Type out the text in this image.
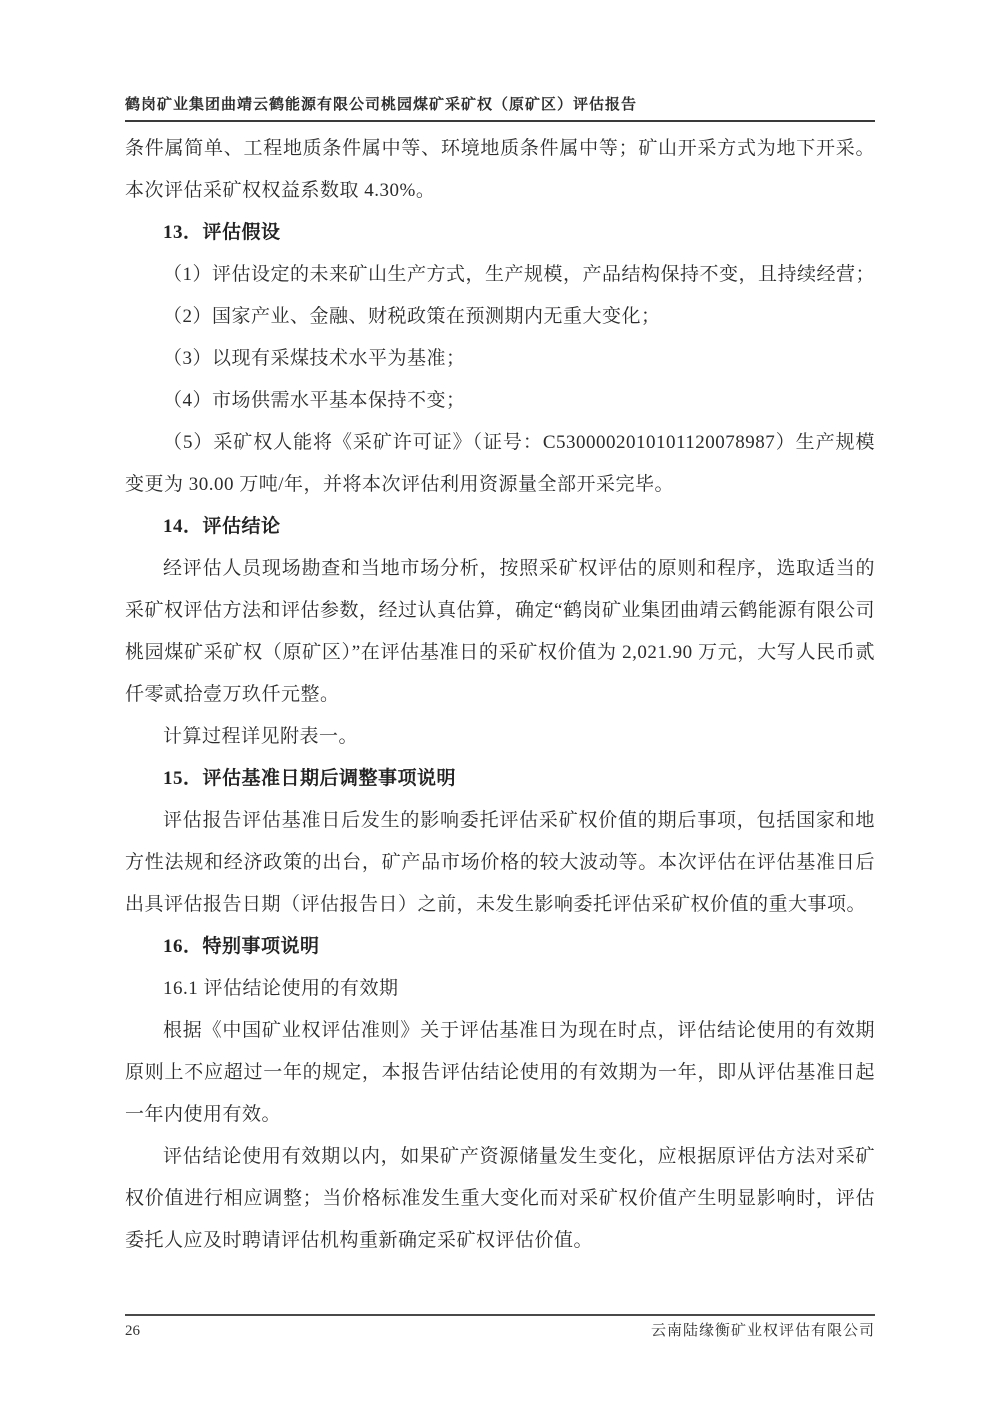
鹤岗矿业集团曲靖云鹤能源有限公司桃园煤矿采矿权（原矿区）评估报告

条件属简单、工程地质条件属中等、环境地质条件属中等；矿山开采方式为地下开采。本次评估采矿权权益系数取 4.30%。

13．评估假设

（1）评估设定的未来矿山生产方式，生产规模，产品结构保持不变，且持续经营；

（2）国家产业、金融、财税政策在预测期内无重大变化；

（3）以现有采煤技术水平为基准；

（4）市场供需水平基本保持不变；

（5）采矿权人能将《采矿许可证》（证号：C5300002010101120078987）生产规模变更为 30.00 万吨/年，并将本次评估利用资源量全部开采完毕。

14．评估结论

经评估人员现场勘查和当地市场分析，按照采矿权评估的原则和程序，选取适当的采矿权评估方法和评估参数，经过认真估算，确定“鹤岗矿业集团曲靖云鹤能源有限公司桃园煤矿采矿权（原矿区）”在评估基准日的采矿权价值为 2,021.90 万元，大写人民币贰仟零贰拾壹万玖仟元整。

计算过程详见附表一。

15．评估基准日期后调整事项说明

评估报告评估基准日后发生的影响委托评估采矿权价值的期后事项，包括国家和地方性法规和经济政策的出台，矿产品市场价格的较大波动等。本次评估在评估基准日后出具评估报告日期（评估报告日）之前，未发生影响委托评估采矿权价值的重大事项。

16．特别事项说明

16.1 评估结论使用的有效期

根据《中国矿业权评估准则》关于评估基准日为现在时点，评估结论使用的有效期原则上不应超过一年的规定，本报告评估结论使用的有效期为一年，即从评估基准日起一年内使用有效。

评估结论使用有效期以内，如果矿产资源储量发生变化，应根据原评估方法对采矿权价值进行相应调整；当价格标准发生重大变化而对采矿权价值产生明显影响时，评估委托人应及时聘请评估机构重新确定采矿权评估价值。

26	云南陆缘衡矿业权评估有限公司
